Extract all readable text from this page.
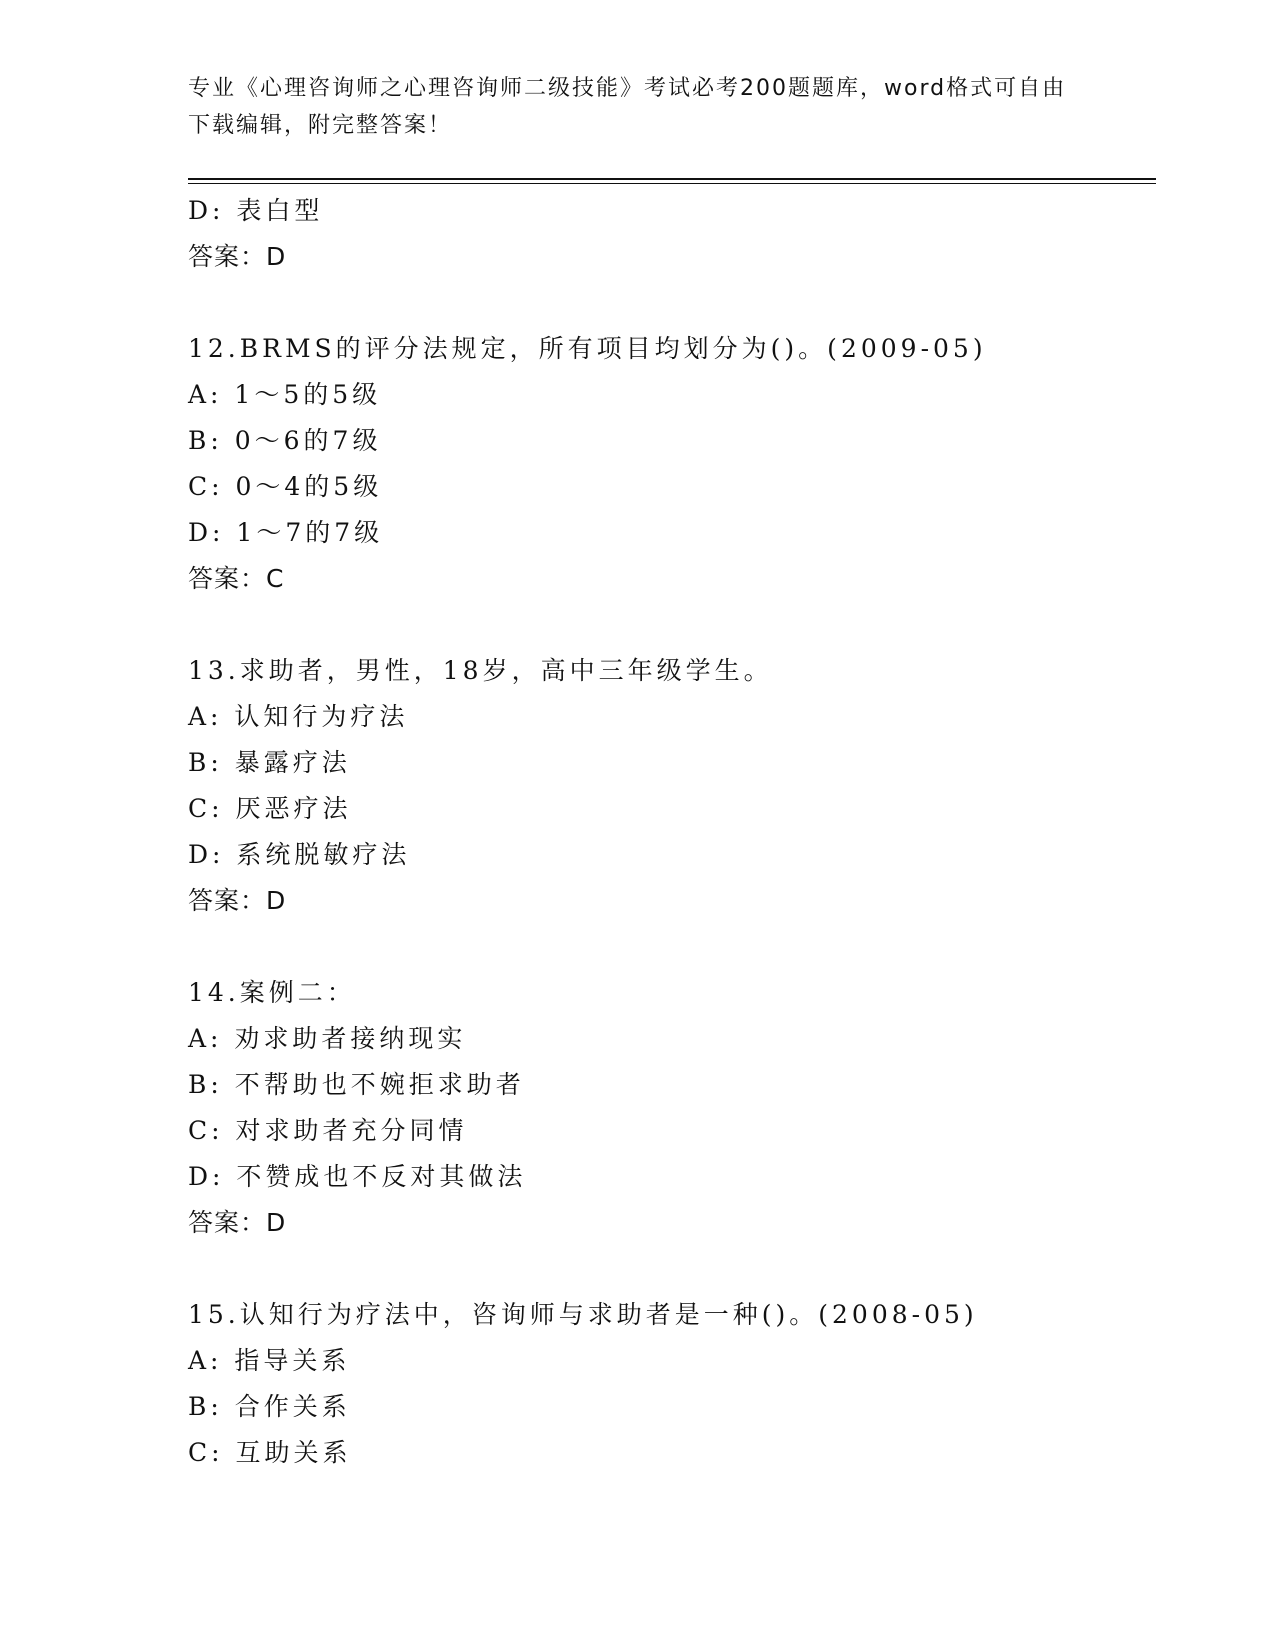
专业《心理咨询师之心理咨询师二级技能》考试必考200题题库，word格式可自由下载编辑，附完整答案！
D: 表白型
答案：D
12.BRMS的评分法规定，所有项目均划分为()。(2009-05)
A: 1～5的5级
B: 0～6的7级
C: 0～4的5级
D: 1～7的7级
答案：C
13.求助者，男性，18岁，高中三年级学生。
A: 认知行为疗法
B: 暴露疗法
C: 厌恶疗法
D: 系统脱敏疗法
答案：D
14.案例二：
A: 劝求助者接纳现实
B: 不帮助也不婉拒求助者
C: 对求助者充分同情
D: 不赞成也不反对其做法
答案：D
15.认知行为疗法中，咨询师与求助者是一种()。(2008-05)
A: 指导关系
B: 合作关系
C: 互助关系
